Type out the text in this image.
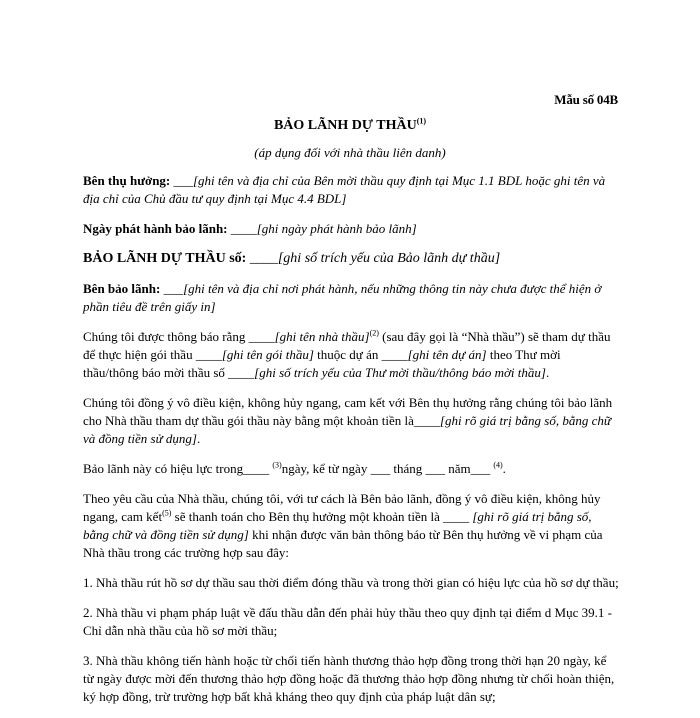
Mẫu số 04B
BẢO LÃNH DỰ THẦU$^{(1)}$
(áp dụng đối với nhà thầu liên danh)

Bên thụ hưởng: ___[ghi tên và địa chỉ của Bên mời thầu quy định tại Mục 1.1 BDL hoặc ghi tên và địa chỉ của Chủ đầu tư quy định tại Mục 4.4 BDL]

Ngày phát hành bảo lãnh: ____[ghi ngày phát hành bảo lãnh]

BẢO LÃNH DỰ THẦU số: ____[ghi số trích yếu của Bảo lãnh dự thầu]

Bên bảo lãnh: ___[ghi tên và địa chỉ nơi phát hành, nếu những thông tin này chưa được thể hiện ở phần tiêu đề trên giấy in]

Chúng tôi được thông báo rằng ____[ghi tên nhà thầu]$^{(2)}$ (sau đây gọi là “Nhà thầu”) sẽ tham dự thầu để thực hiện gói thầu ____[ghi tên gói thầu] thuộc dự án ____[ghi tên dự án] theo Thư mời thầu/thông báo mời thầu số ____[ghi số trích yếu của Thư mời thầu/thông báo mời thầu].

Chúng tôi đồng ý vô điều kiện, không hủy ngang, cam kết với Bên thụ hưởng rằng chúng tôi bảo lãnh cho Nhà thầu tham dự thầu gói thầu này bằng một khoản tiền là____[ghi rõ giá trị bằng số, bằng chữ và đồng tiền sử dụng].

Bảo lãnh này có hiệu lực trong____ $^{(3)}$ngày, kể từ ngày ___ tháng ___ năm___ $^{(4)}$.

Theo yêu cầu của Nhà thầu, chúng tôi, với tư cách là Bên bảo lãnh, đồng ý vô điều kiện, không hủy ngang, cam kết$^{(5)}$ sẽ thanh toán cho Bên thụ hưởng một khoản tiền là ____ [ghi rõ giá trị bằng số, bằng chữ và đồng tiền sử dụng] khi nhận được văn bản thông báo từ Bên thụ hưởng về vi phạm của Nhà thầu trong các trường hợp sau đây:

1. Nhà thầu rút hồ sơ dự thầu sau thời điểm đóng thầu và trong thời gian có hiệu lực của hồ sơ dự thầu;

2. Nhà thầu vi phạm pháp luật về đấu thầu dẫn đến phải hủy thầu theo quy định tại điểm d Mục 39.1 - Chỉ dẫn nhà thầu của hồ sơ mời thầu;

3. Nhà thầu không tiến hành hoặc từ chối tiến hành thương thảo hợp đồng trong thời hạn 20 ngày, kể từ ngày được mời đến thương thảo hợp đồng hoặc đã thương thảo hợp đồng nhưng từ chối hoàn thiện, ký hợp đồng, trừ trường hợp bất khả kháng theo quy định của pháp luật dân sự;
